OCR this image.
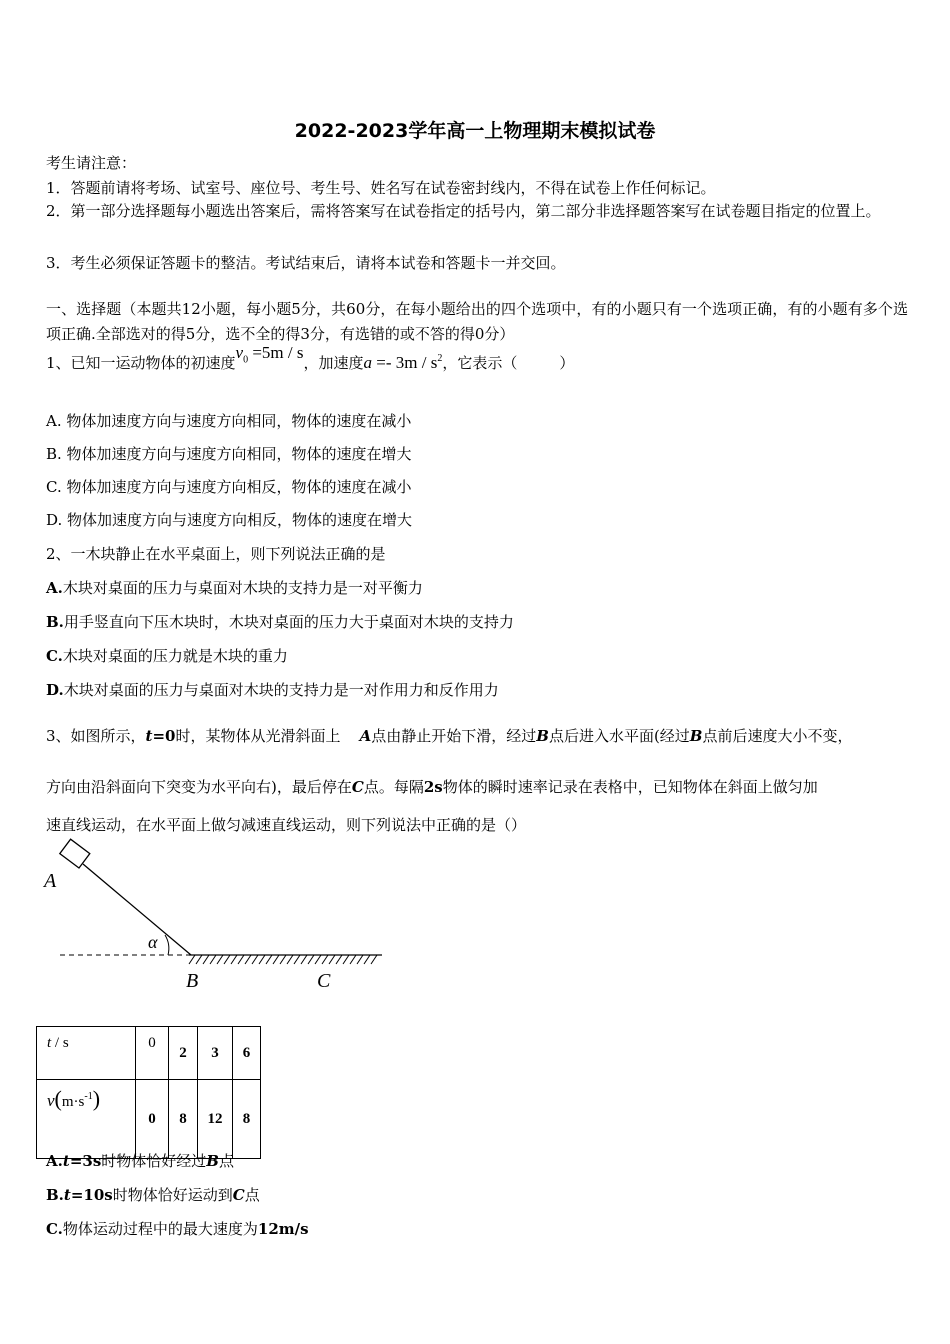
2022-2023学年高一上物理期末模拟试卷
考生请注意：
1．答题前请将考场、试室号、座位号、考生号、姓名写在试卷密封线内，不得在试卷上作任何标记。
2．第一部分选择题每小题选出答案后，需将答案写在试卷指定的括号内，第二部分非选择题答案写在试卷题目指定的位置上。
3．考生必须保证答题卡的整洁。考试结束后，请将本试卷和答题卡一并交回。
一、选择题（本题共12小题，每小题5分，共60分，在每小题给出的四个选项中，有的小题只有一个选项正确，有的小题有多个选项正确.全部选对的得5分，选不全的得3分，有选错的或不答的得0分）
1、已知一运动物体的初速度$v_0 =5m / s$，加速度$a =- 3m / s^2$，它表示（	）
A. 物体加速度方向与速度方向相同，物体的速度在减小
B. 物体加速度方向与速度方向相同，物体的速度在增大
C. 物体加速度方向与速度方向相反，物体的速度在减小
D. 物体加速度方向与速度方向相反，物体的速度在增大
2、一木块静止在水平桌面上，则下列说法正确的是
A.木块对桌面的压力与桌面对木块的支持力是一对平衡力
B.用手竖直向下压木块时，木块对桌面的压力大于桌面对木块的支持力
C.木块对桌面的压力就是木块的重力
D.木块对桌面的压力与桌面对木块的支持力是一对作用力和反作用力
3、如图所示，t=0时，某物体从光滑斜面上 A点由静止开始下滑，经过B点后进入水平面(经过B点前后速度大小不变，
方向由沿斜面向下突变为水平向右)，最后停在C点。每隔2s物体的瞬时速率记录在表格中，已知物体在斜面上做匀加
速直线运动，在水平面上做匀减速直线运动，则下列说法中正确的是（）
A
α
B	C
t / s	0	2	3	6
$v(m\cdot s^{-1})$	0	8	12	8
A.t=3s时物体恰好经过B点
B.t=10s时物体恰好运动到C点
C.物体运动过程中的最大速度为12m/s
